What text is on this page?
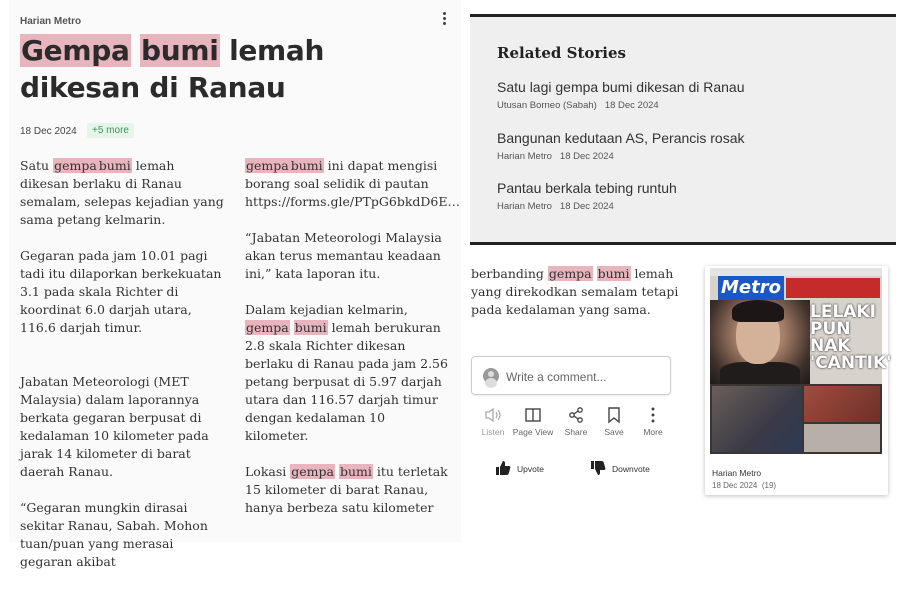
Harian Metro
Gempa bumi lemah dikesan di Ranau
18 Dec 2024	+5 more

Satu gempa bumi lemah dikesan berlaku di Ranau semalam, selepas kejadian yang sama petang kelmarin.

Gegaran pada jam 10.01 pagi tadi itu dilaporkan berkekuatan 3.1 pada skala Richter di koordinat 6.0 darjah utara, 116.6 darjah timur.

Jabatan Meteorologi (MET Malaysia) dalam laporannya berkata gegaran berpusat di kedalaman 10 kilometer pada jarak 14 kilometer di barat daerah Ranau.

“Gegaran mungkin dirasai sekitar Ranau, Sabah. Mohon tuan/puan yang merasai gegaran akibat

gempa bumi ini dapat mengisi borang soal selidik di pautan https://forms.gle/PTpG6bkdD6E…

“Jabatan Meteorologi Malaysia akan terus memantau keadaan ini,” kata laporan itu.

Dalam kejadian kelmarin, gempa bumi lemah berukuran 2.8 skala Richter dikesan berlaku di Ranau pada jam 2.56 petang berpusat di 5.97 darjah utara dan 116.57 darjah timur dengan kedalaman 10 kilometer.

Lokasi gempa bumi itu terletak 15 kilometer di barat Ranau, hanya berbeza satu kilometer

Related Stories
Satu lagi gempa bumi dikesan di Ranau
Utusan Borneo (Sabah) 18 Dec 2024
Bangunan kedutaan AS, Perancis rosak
Harian Metro 18 Dec 2024
Pantau berkala tebing runtuh
Harian Metro 18 Dec 2024
berbanding gempa bumi lemah yang direkodkan semalam tetapi pada kedalaman yang sama.
Write a comment...
Listen Page View	Share	Save	More
Upvote	Downvote
Metro
LELAKI PUN NAK 'CANTIK'
Harian Metro
18 Dec 2024 (19)
